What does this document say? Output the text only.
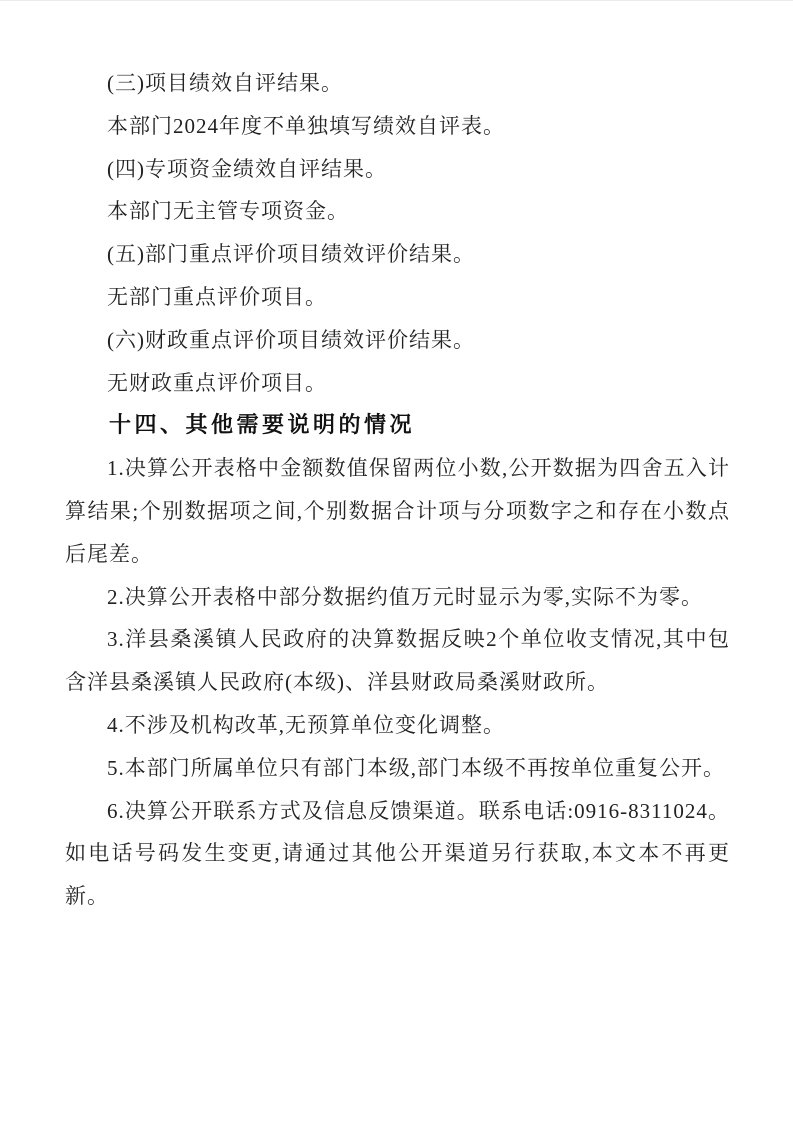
(三)项目绩效自评结果。

本部门2024年度不单独填写绩效自评表。

(四)专项资金绩效自评结果。

本部门无主管专项资金。

(五)部门重点评价项目绩效评价结果。

无部门重点评价项目。

(六)财政重点评价项目绩效评价结果。

无财政重点评价项目。

十四、其他需要说明的情况

1.决算公开表格中金额数值保留两位小数,公开数据为四舍五入计算结果;个别数据项之间,个别数据合计项与分项数字之和存在小数点后尾差。

2.决算公开表格中部分数据约值万元时显示为零,实际不为零。

3.洋县桑溪镇人民政府的决算数据反映2个单位收支情况,其中包含洋县桑溪镇人民政府(本级)、洋县财政局桑溪财政所。

4.不涉及机构改革,无预算单位变化调整。

5.本部门所属单位只有部门本级,部门本级不再按单位重复公开。

6.决算公开联系方式及信息反馈渠道。联系电话:0916-8311024。如电话号码发生变更,请通过其他公开渠道另行获取,本文本不再更新。
